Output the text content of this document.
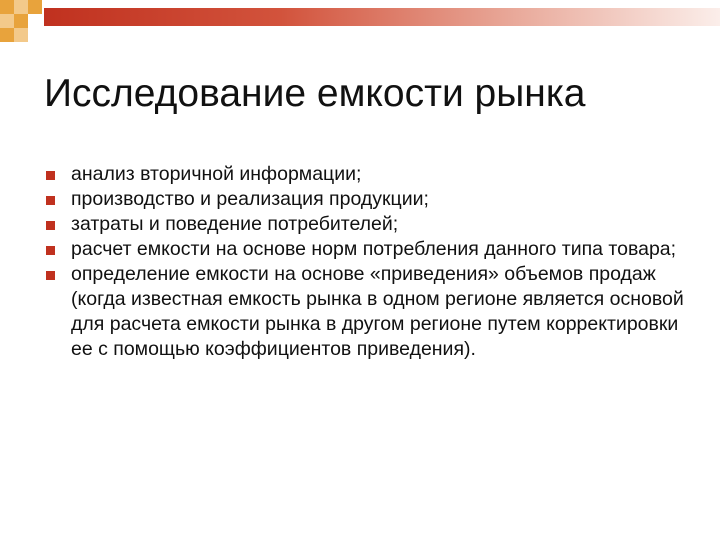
Исследование емкости рынка
анализ вторичной информации;
производство и реализация продукции;
затраты и поведение потребителей;
расчет емкости на основе норм потребления данного типа товара;
определение емкости на основе «приведения» объемов продаж (когда известная емкость рынка в одном регионе является основой для расчета емкости рынка в другом регионе путем корректировки ее с помощью коэффициентов приведения).
